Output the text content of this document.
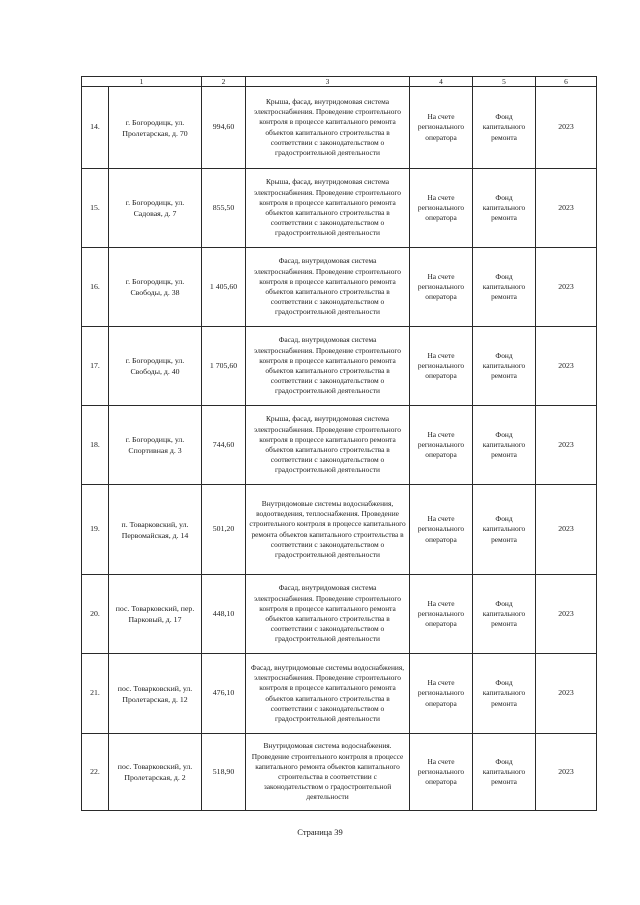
1		2	3	4	5	6
14.	г. Богородицк, ул. Пролетарская, д. 70	994,60	Крыша, фасад, внутридомовая система электроснабжения. Проведение строительного контроля в процессе капитального ремонта объектов капитального строительства в соответствии с законодательством о градостроительной деятельности	На счете регионального оператора	Фонд капитального ремонта	2023
15.	г. Богородицк, ул. Садовая, д. 7	855,50	Крыша, фасад, внутридомовая система электроснабжения. Проведение строительного контроля в процессе капитального ремонта объектов капитального строительства в соответствии с законодательством о градостроительной деятельности	На счете регионального оператора	Фонд капитального ремонта	2023
16.	г. Богородицк, ул. Свободы, д. 38	1 405,60	Фасад, внутридомовая система электроснабжения. Проведение строительного контроля в процессе капитального ремонта объектов капитального строительства в соответствии с законодательством о градостроительной деятельности	На счете регионального оператора	Фонд капитального ремонта	2023
17.	г. Богородицк, ул. Свободы, д. 40	1 705,60	Фасад, внутридомовая система электроснабжения. Проведение строительного контроля в процессе капитального ремонта объектов капитального строительства в соответствии с законодательством о градостроительной деятельности	На счете регионального оператора	Фонд капитального ремонта	2023
18.	г. Богородицк, ул. Спортивная д. 3	744,60	Крыша, фасад, внутридомовая система электроснабжения. Проведение строительного контроля в процессе капитального ремонта объектов капитального строительства в соответствии с законодательством о градостроительной деятельности	На счете регионального оператора	Фонд капитального ремонта	2023
19.	п. Товарковский, ул. Первомайская, д. 14	501,20	Внутридомовые системы водоснабжения, водоотведения, теплоснабжения. Проведение строительного контроля в процессе капитального ремонта объектов капитального строительства в соответствии с законодательством о градостроительной деятельности	На счете регионального оператора	Фонд капитального ремонта	2023
20.	пос. Товарковский, пер. Парковый, д. 17	448,10	Фасад, внутридомовая система электроснабжения. Проведение строительного контроля в процессе капитального ремонта объектов капитального строительства в соответствии с законодательством о градостроительной деятельности	На счете регионального оператора	Фонд капитального ремонта	2023
21.	пос. Товарковский, ул. Пролетарская, д. 12	476,10	Фасад, внутридомовые системы водоснабжения, электроснабжения. Проведение строительного контроля в процессе капитального ремонта объектов капитального строительства в соответствии с законодательством о градостроительной деятельности	На счете регионального оператора	Фонд капитального ремонта	2023
22.	пос. Товарковский, ул. Пролетарская, д. 2	518,90	Внутридомовая система водоснабжения. Проведение строительного контроля в процессе капитального ремонта объектов капитального строительства в соответствии с законодательством о градостроительной деятельности	На счете регионального оператора	Фонд капитального ремонта	2023
Страница 39
